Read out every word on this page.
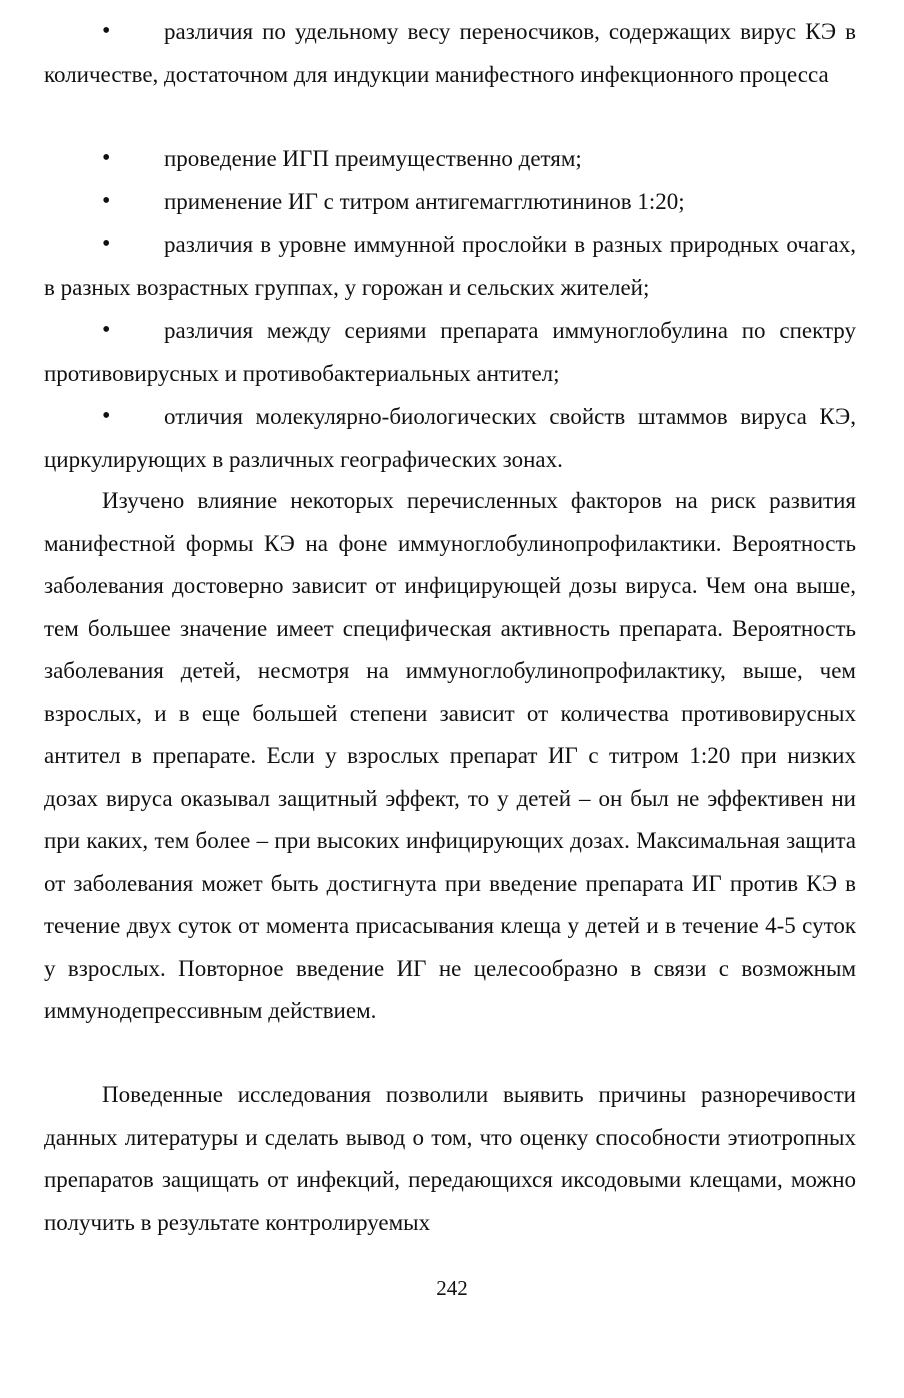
• различия по удельному весу переносчиков, содержащих вирус КЭ в количестве, достаточном для индукции манифестного инфекционного процесса
• проведение ИГП преимущественно детям;
• применение ИГ с титром антигемагглютининов 1:20;
• различия в уровне иммунной прослойки в разных природных очагах, в разных возрастных группах, у горожан и сельских жителей;
• различия между сериями препарата иммуноглобулина по спектру противовирусных и противобактериальных антител;
• отличия молекулярно-биологических свойств штаммов вируса КЭ, циркулирующих в различных географических зонах.

Изучено влияние некоторых перечисленных факторов на риск развития манифестной формы КЭ на фоне иммуноглобулинопрофилактики. Вероятность заболевания достоверно зависит от инфицирующей дозы вируса. Чем она выше, тем большее значение имеет специфическая активность препарата. Вероятность заболевания детей, несмотря на иммуноглобулинопрофилактику, выше, чем взрослых, и в еще большей степени зависит от количества противовирусных антител в препарате. Если у взрослых препарат ИГ с титром 1:20 при низких дозах вируса оказывал защитный эффект, то у детей – он был не эффективен ни при каких, тем более – при высоких инфицирующих дозах. Максимальная защита от заболевания может быть достигнута при введение препарата ИГ против КЭ в течение двух суток от момента присасывания клеща у детей и в течение 4-5 суток у взрослых. Повторное введение ИГ не целесообразно в связи с возможным иммунодепрессивным действием.

Поведенные исследования позволили выявить причины разноречивости данных литературы и сделать вывод о том, что оценку способности этиотропных препаратов защищать от инфекций, передающихся иксодовыми клещами, можно получить в результате контролируемых

242
